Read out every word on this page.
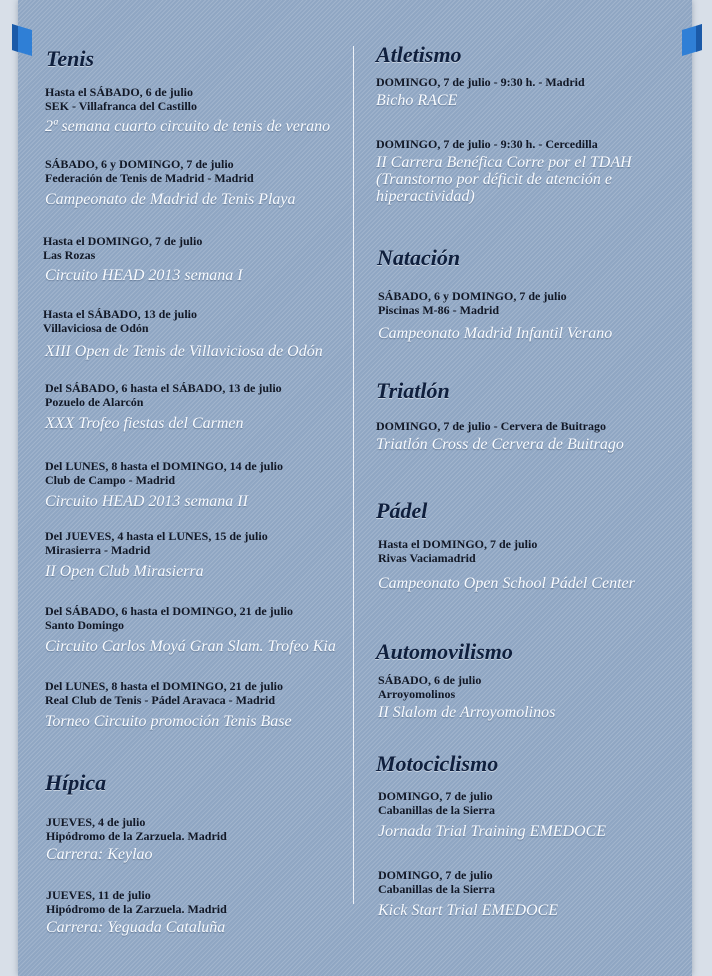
Tenis
Hasta el SÁBADO, 6 de julio
SEK - Villafranca del Castillo
2ª semana cuarto circuito de tenis de verano
SÁBADO, 6 y DOMINGO, 7 de julio
Federación de Tenis de Madrid - Madrid
Campeonato de Madrid de Tenis Playa
Hasta el DOMINGO, 7 de julio
Las Rozas
Circuito HEAD 2013 semana I
Hasta el SÁBADO, 13 de julio
Villaviciosa de Odón
XIII Open de Tenis de Villaviciosa de Odón
Del SÁBADO, 6 hasta el SÁBADO, 13 de julio
Pozuelo de Alarcón
XXX Trofeo fiestas del Carmen
Del LUNES, 8 hasta el DOMINGO, 14 de julio
Club de Campo - Madrid
Circuito HEAD 2013 semana II
Del JUEVES, 4 hasta el LUNES, 15 de julio
Mirasierra - Madrid
II Open Club Mirasierra
Del SÁBADO, 6 hasta el DOMINGO, 21 de julio
Santo Domingo
Circuito Carlos Moyá Gran Slam. Trofeo Kia
Del LUNES, 8 hasta el DOMINGO, 21 de julio
Real Club de Tenis - Pádel Aravaca - Madrid
Torneo Circuito promoción Tenis Base
Hípica
JUEVES, 4 de julio
Hipódromo de la Zarzuela. Madrid
Carrera: Keylao
JUEVES, 11 de julio
Hipódromo de la Zarzuela. Madrid
Carrera: Yeguada Cataluña
Atletismo
DOMINGO, 7 de julio - 9:30 h. - Madrid
Bicho RACE
DOMINGO, 7 de julio - 9:30 h. - Cercedilla
II Carrera Benéfica Corre por el TDAH (Transtorno por déficit de atención e hiperactividad)
Natación
SÁBADO, 6 y DOMINGO, 7 de julio
Piscinas M-86 - Madrid
Campeonato Madrid Infantil Verano
Triatlón
DOMINGO, 7 de julio - Cervera de Buitrago
Triatlón Cross de Cervera de Buitrago
Pádel
Hasta el DOMINGO, 7 de julio
Rivas Vaciamadrid
Campeonato Open School Pádel Center
Automovilismo
SÁBADO, 6 de julio
Arroyomolinos
II Slalom de Arroyomolinos
Motociclismo
DOMINGO, 7 de julio
Cabanillas de la Sierra
Jornada Trial Training EMEDOCE
DOMINGO, 7 de julio
Cabanillas de la Sierra
Kick Start Trial EMEDOCE
